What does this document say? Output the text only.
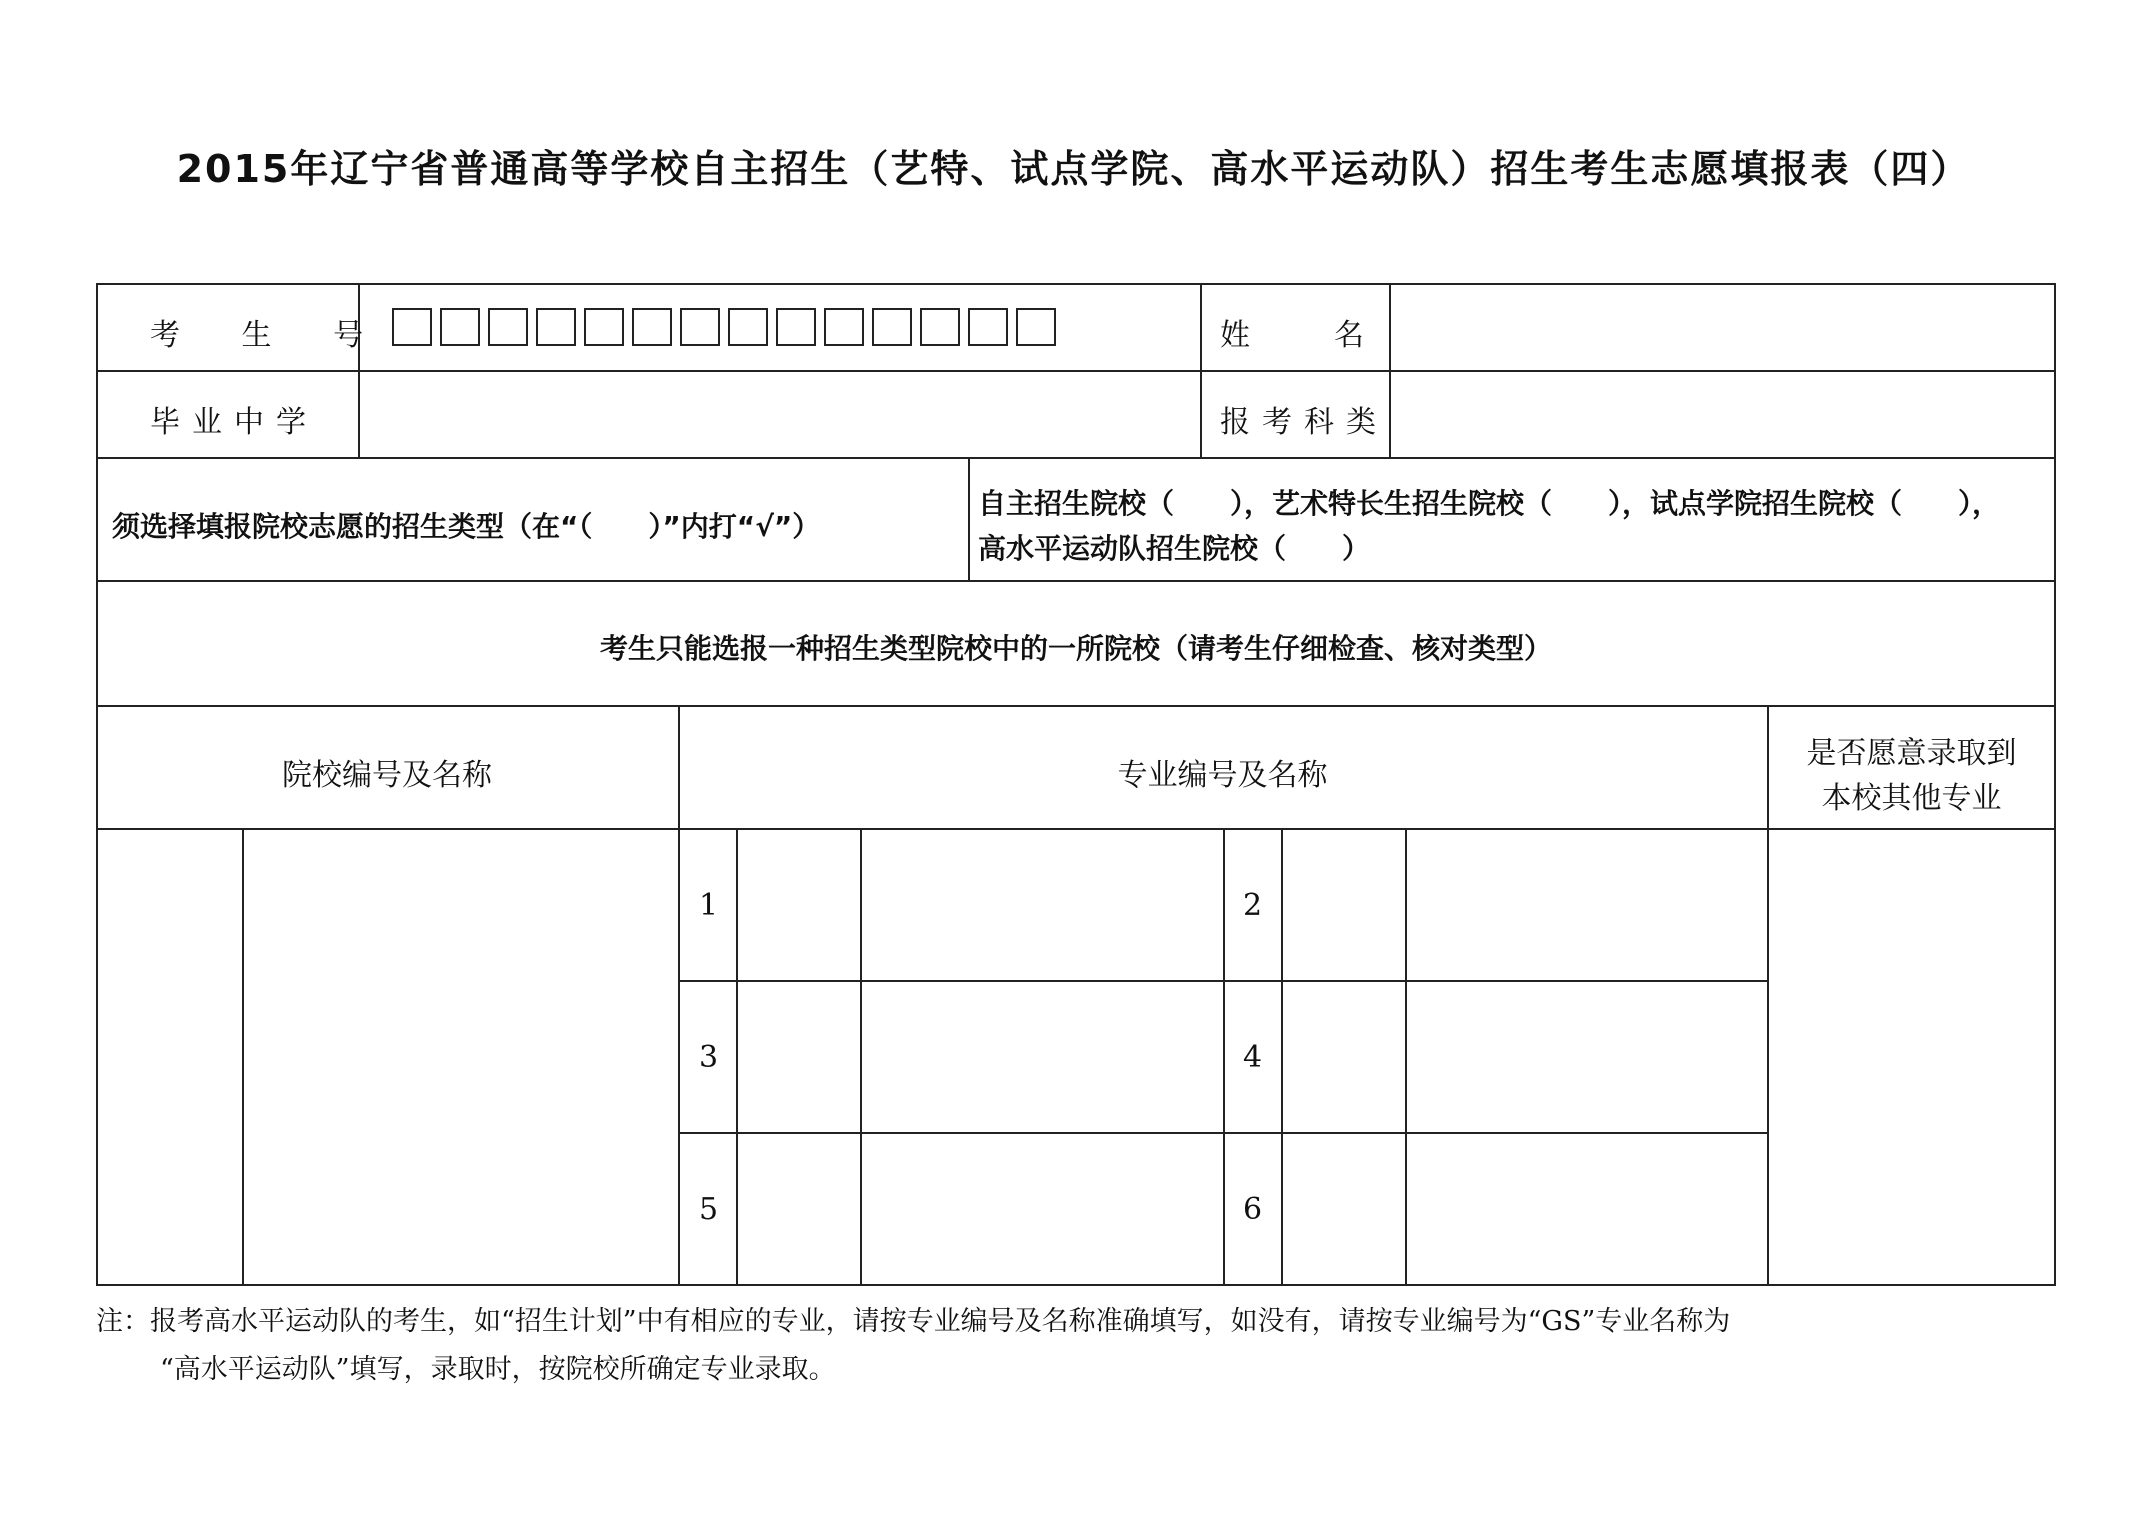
2015年辽宁省普通高等学校自主招生（艺特、试点学院、高水平运动队）招生考生志愿填报表（四）
考 生 号	姓　　名
毕业中学	报考科类
须选择填报院校志愿的招生类型（在“（　　）”内打“√”）
自主招生院校（　　），艺术特长生招生院校（　　），试点学院招生院校（　　），
高水平运动队招生院校（　　）
考生只能选报一种招生类型院校中的一所院校（请考生仔细检查、核对类型）
院校编号及名称	专业编号及名称
是否愿意录取到
本校其他专业
1	2
3	4
5	6
注：报考高水平运动队的考生，如“招生计划”中有相应的专业，请按专业编号及名称准确填写，如没有，请按专业编号为“GS”专业名称为
“高水平运动队”填写，录取时，按院校所确定专业录取。
